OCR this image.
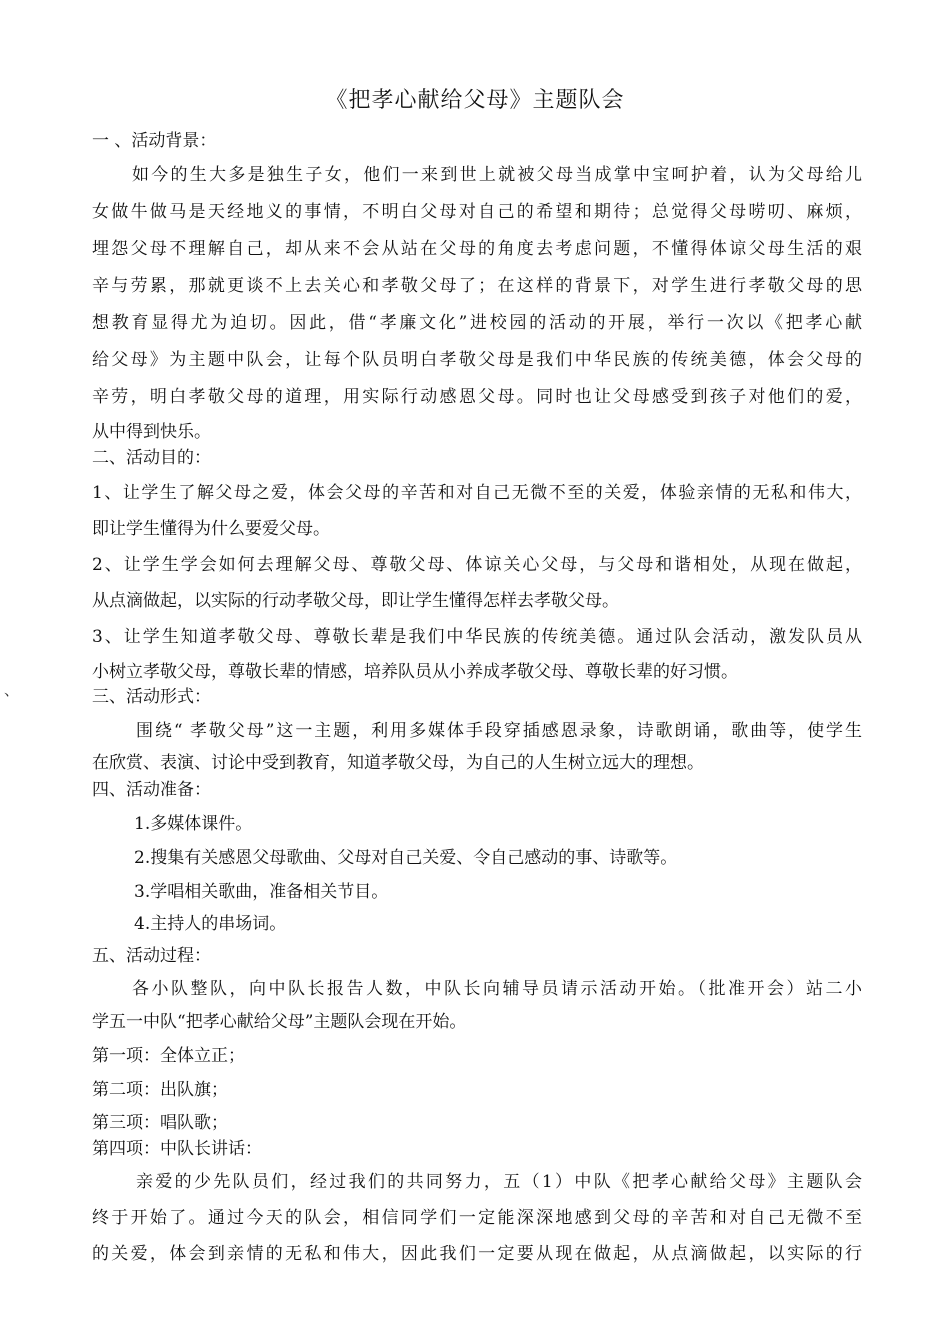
《把孝心献给父母》主题队会
、
一 、活动背景：
如今的生大多是独生子女，他们一来到世上就被父母当成掌中宝呵护着，认为父母给儿
女做牛做马是天经地义的事情，不明白父母对自己的希望和期待；总觉得父母唠叨、麻烦，
埋怨父母不理解自己，却从来不会从站在父母的角度去考虑问题，不懂得体谅父母生活的艰
辛与劳累，那就更谈不上去关心和孝敬父母了；在这样的背景下，对学生进行孝敬父母的思
想教育显得尤为迫切。因此，借“孝廉文化”进校园的活动的开展，举行一次以《把孝心献
给父母》为主题中队会，让每个队员明白孝敬父母是我们中华民族的传统美德，体会父母的
辛劳，明白孝敬父母的道理，用实际行动感恩父母。同时也让父母感受到孩子对他们的爱，
从中得到快乐。
二、活动目的：
1、让学生了解父母之爱，体会父母的辛苦和对自己无微不至的关爱，体验亲情的无私和伟大，
即让学生懂得为什么要爱父母。
2、让学生学会如何去理解父母、尊敬父母、体谅关心父母，与父母和谐相处，从现在做起，
从点滴做起，以实际的行动孝敬父母，即让学生懂得怎样去孝敬父母。
3、让学生知道孝敬父母、尊敬长辈是我们中华民族的传统美德。通过队会活动，激发队员从
小树立孝敬父母，尊敬长辈的情感，培养队员从小养成孝敬父母、尊敬长辈的好习惯。
三、活动形式：
围绕“ 孝敬父母”这一主题，利用多媒体手段穿插感恩录象，诗歌朗诵，歌曲等，使学生
在欣赏、表演、讨论中受到教育，知道孝敬父母，为自己的人生树立远大的理想。
四、活动准备：
1.多媒体课件。
2.搜集有关感恩父母歌曲、父母对自己关爱、令自己感动的事、诗歌等。
3.学唱相关歌曲，准备相关节目。
4.主持人的串场词。
五、活动过程：
各小队整队，向中队长报告人数，中队长向辅导员请示活动开始。（批准开会）站二小
学五一中队“把孝心献给父母”主题队会现在开始。
第一项：全体立正；
第二项：出队旗；
第三项：唱队歌；
第四项：中队长讲话：
亲爱的少先队员们，经过我们的共同努力，五（1）中队《把孝心献给父母》主题队会
终于开始了。通过今天的队会，相信同学们一定能深深地感到父母的辛苦和对自己无微不至
的关爱，体会到亲情的无私和伟大，因此我们一定要从现在做起，从点滴做起，以实际的行
